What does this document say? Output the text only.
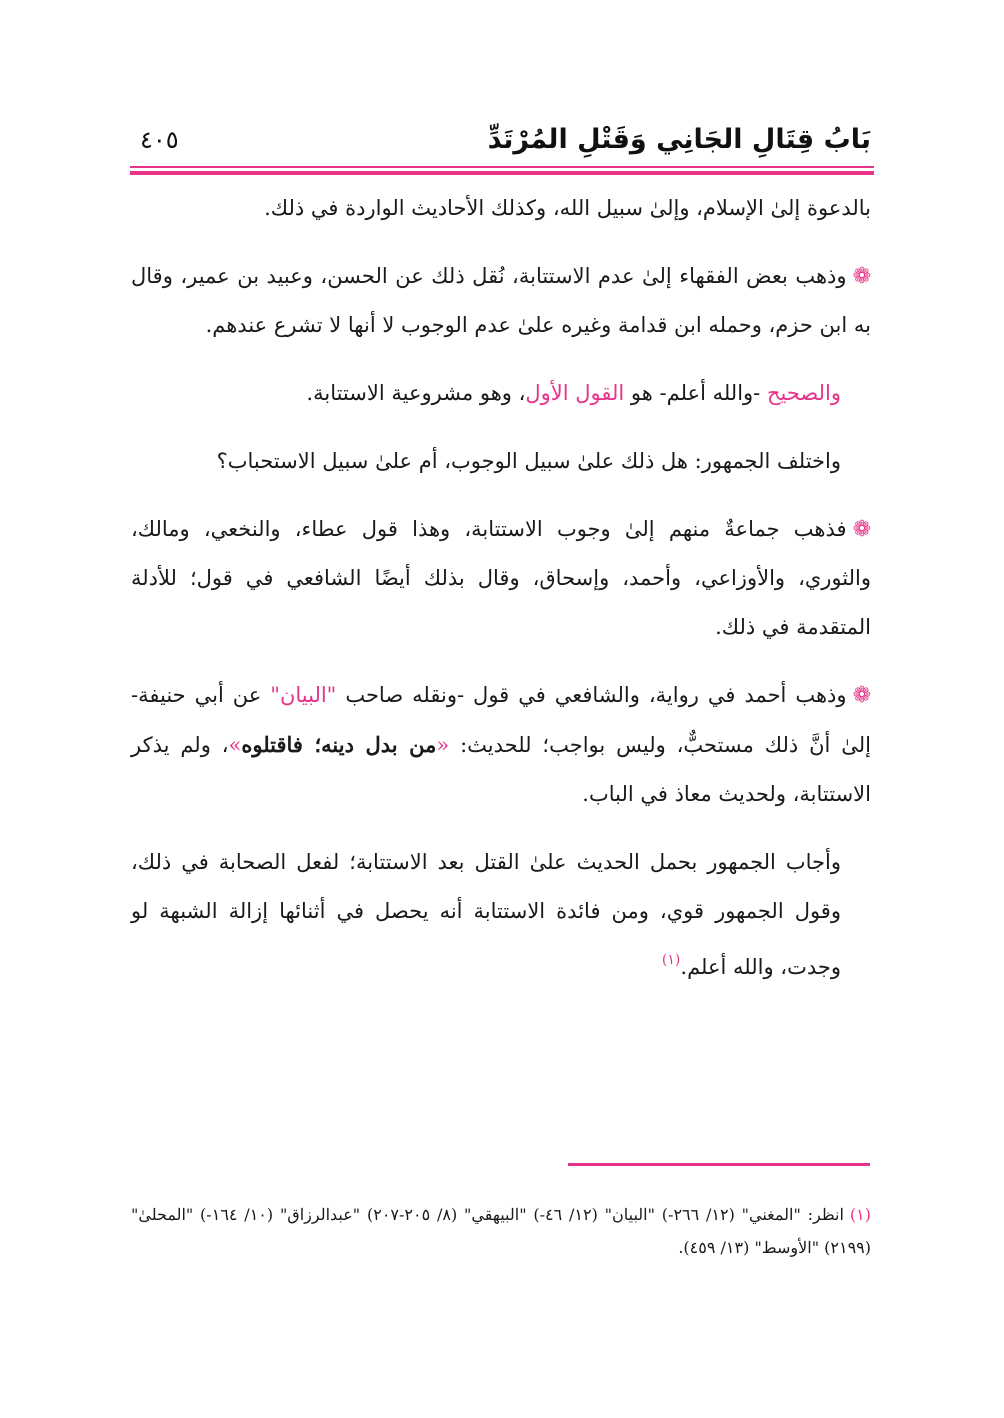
بَابُ قِتَالِ الجَانِي وَقَتْلِ المُرْتَدِّ
٤٠٥

بالدعوة إلىٰ الإسلام، وإلىٰ سبيل الله، وكذلك الأحاديث الواردة في ذلك.

❁وذهب بعض الفقهاء إلىٰ عدم الاستتابة، نُقل ذلك عن الحسن، وعبيد بن عمير، وقال به ابن حزم، وحمله ابن قدامة وغيره علىٰ عدم الوجوب لا أنها لا تشرع عندهم.

والصحيح -والله أعلم- هو القول الأول، وهو مشروعية الاستتابة.

واختلف الجمهور: هل ذلك علىٰ سبيل الوجوب، أم علىٰ سبيل الاستحباب؟

❁فذهب جماعةٌ منهم إلىٰ وجوب الاستتابة، وهذا قول عطاء، والنخعي، ومالك، والثوري، والأوزاعي، وأحمد، وإسحاق، وقال بذلك أيضًا الشافعي في قول؛ للأدلة المتقدمة في ذلك.

❁وذهب أحمد في رواية، والشافعي في قول -ونقله صاحب "البيان" عن أبي حنيفة- إلىٰ أنَّ ذلك مستحبٌّ، وليس بواجب؛ للحديث: «من بدل دينه؛ فاقتلوه»، ولم يذكر الاستتابة، ولحديث معاذ في الباب.

وأجاب الجمهور بحمل الحديث علىٰ القتل بعد الاستتابة؛ لفعل الصحابة في ذلك، وقول الجمهور قوي، ومن فائدة الاستتابة أنه يحصل في أثنائها إزالة الشبهة لو وجدت، والله أعلم.$^{(١)}$

(١)انظر: "المغني" (١٢/ ٢٦٦-) "البيان" (١٢/ ٤٦-) "البيهقي" (٨/ ٢٠٥-٢٠٧) "عبدالرزاق" (١٠/ ١٦٤-) "المحلىٰ" (٢١٩٩) "الأوسط" (١٣/ ٤٥٩).
